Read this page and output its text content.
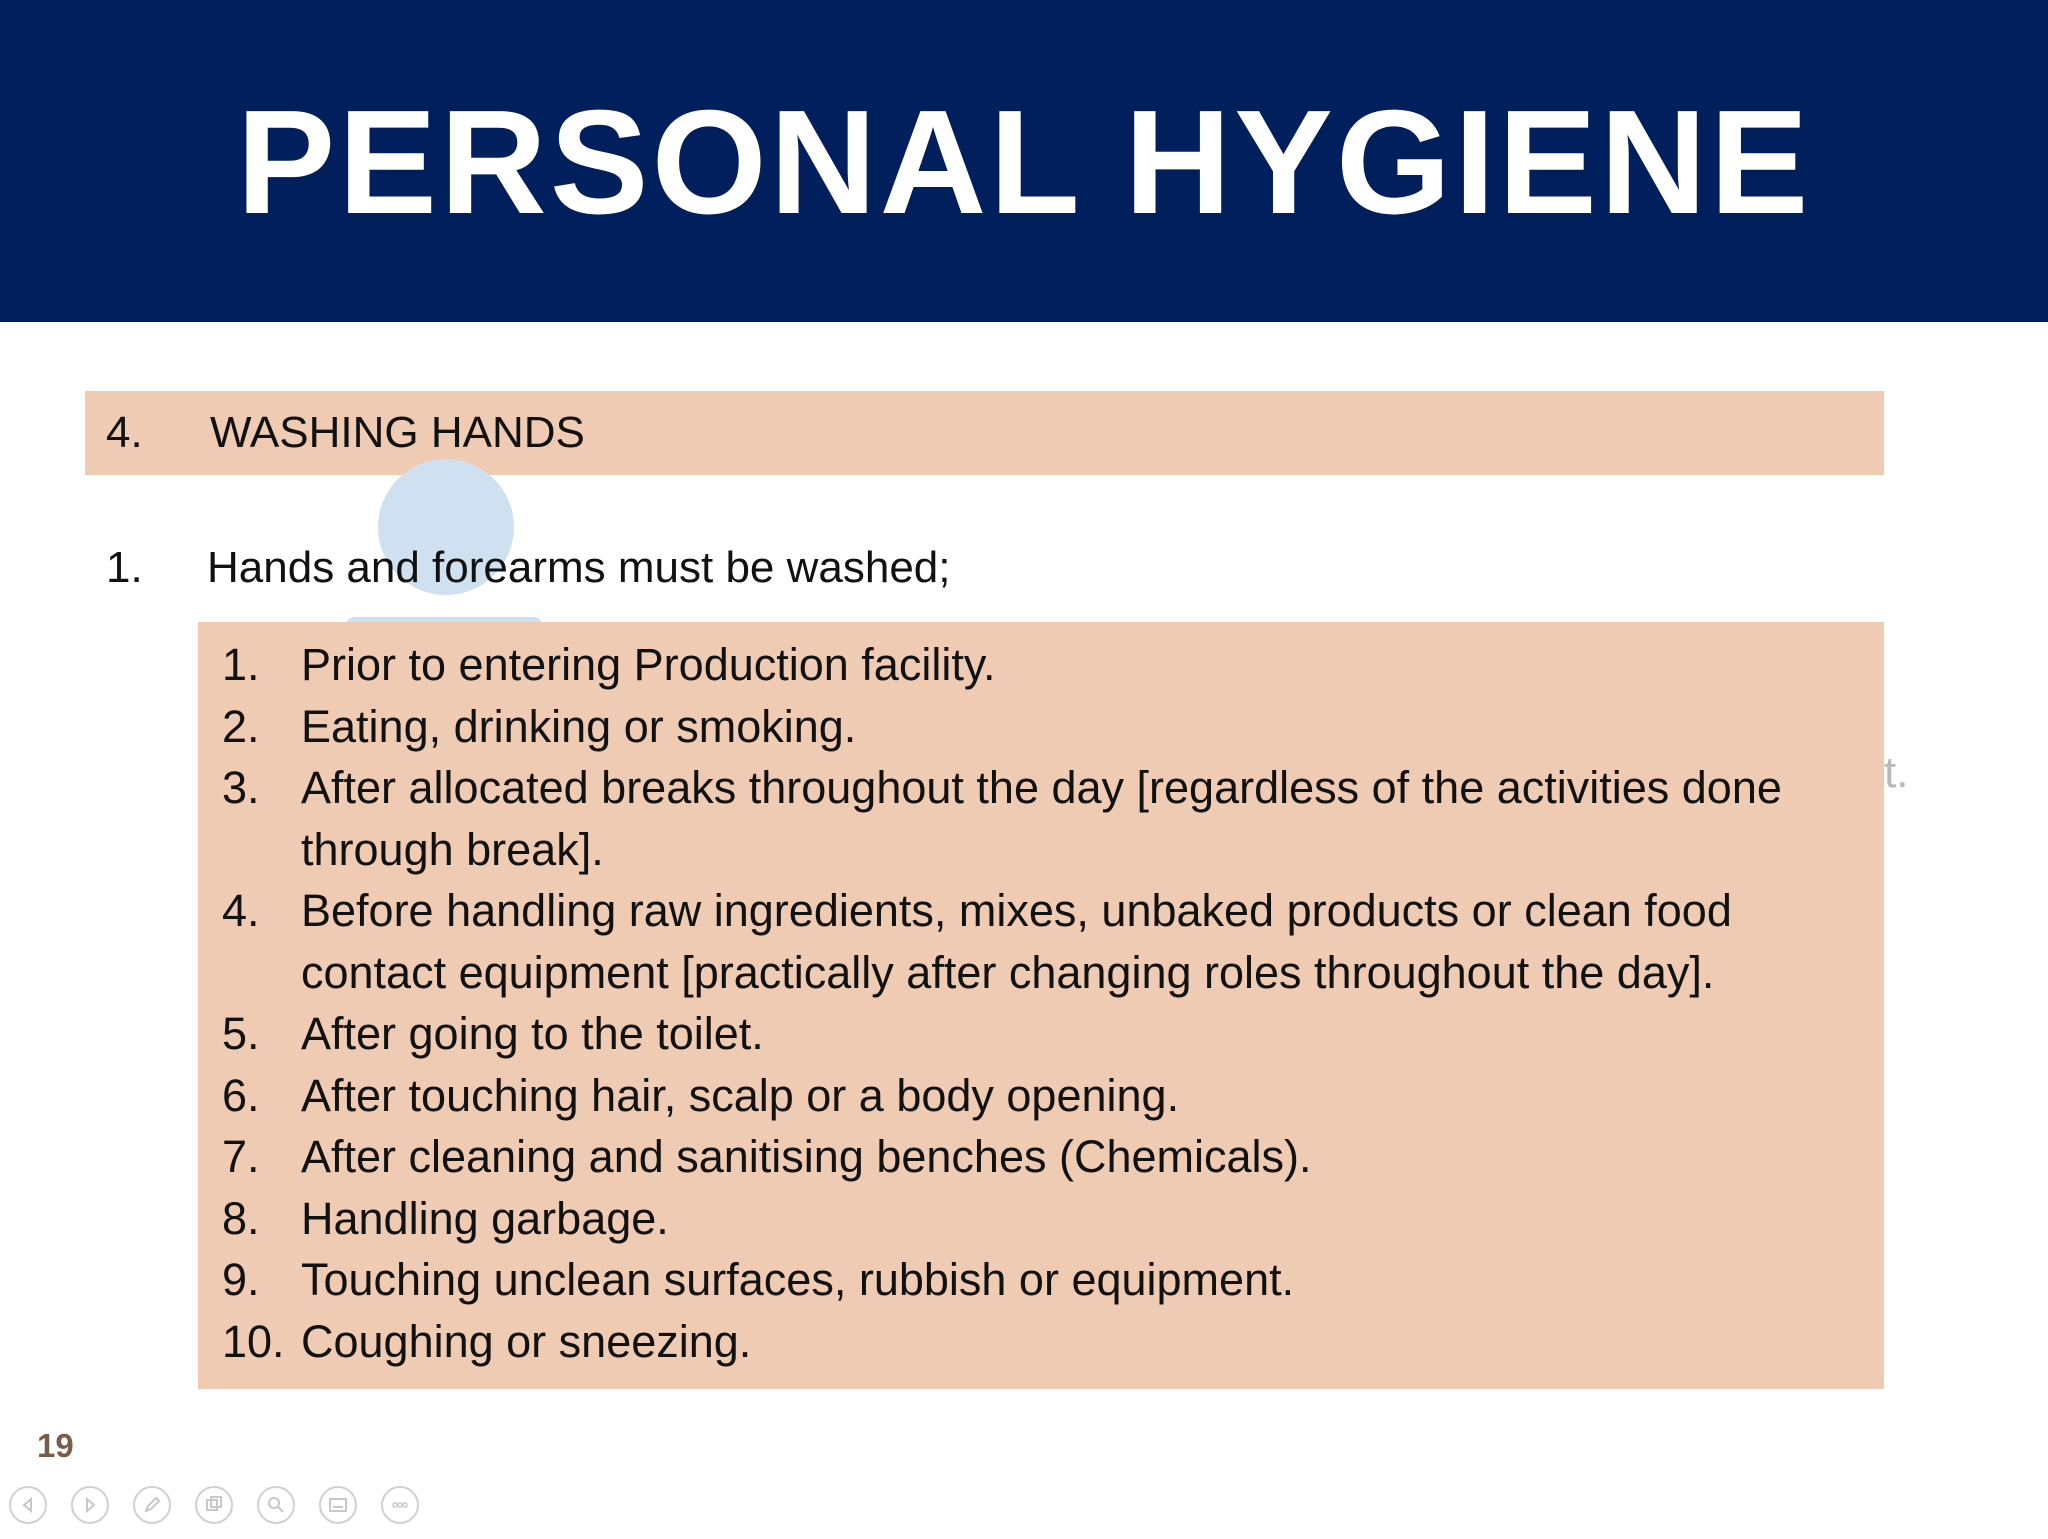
PERSONAL HYGIENE
4. WASHING HANDS
t.
1. Hands and forearms must be washed;
1. Prior to entering Production facility.
2. Eating, drinking or smoking.
3. After allocated breaks throughout the day [regardless of the activities done through break].
4. Before handling raw ingredients, mixes, unbaked products or clean food contact equipment [practically after changing roles throughout the day].
5. After going to the toilet.
6. After touching hair, scalp or a body opening.
7. After cleaning and sanitising benches (Chemicals).
8. Handling garbage.
9. Touching unclean surfaces, rubbish or equipment.
10. Coughing or sneezing.
19
